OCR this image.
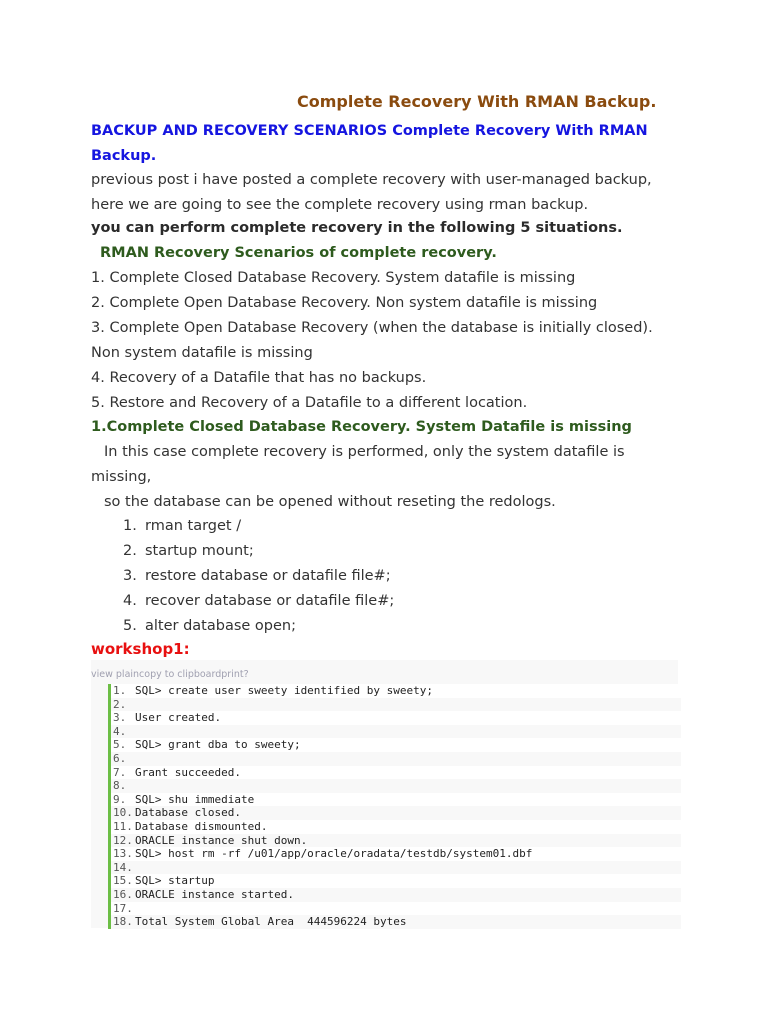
Complete Recovery With RMAN Backup.
BACKUP AND RECOVERY SCENARIOS Complete Recovery With RMAN Backup.
previous post i have posted a complete recovery with user-managed backup, here we are going to see the complete recovery using rman backup.
you can perform complete recovery in the following 5 situations.
RMAN Recovery Scenarios of complete recovery.
1. Complete Closed Database Recovery. System datafile is missing
2. Complete Open Database Recovery. Non system datafile is missing
3. Complete Open Database Recovery (when the database is initially closed).
Non system datafile is missing
4. Recovery of a Datafile that has no backups.
5. Restore and Recovery of a Datafile to a different location.
1.Complete Closed Database Recovery. System Datafile is missing
In this case complete recovery is performed, only the system datafile is missing,
so the database can be opened without reseting the redologs.
1. rman target /
2. startup mount;
3. restore database or datafile file#;
4. recover database or datafile file#;
5. alter database open;
workshop1:
view plaincopy to clipboardprint?
1. SQL> create user sweety identified by sweety;
2.
3. User created.
4.
5. SQL> grant dba to sweety;
6.
7. Grant succeeded.
8.
9. SQL> shu immediate
10. Database closed.
11. Database dismounted.
12. ORACLE instance shut down.
13. SQL> host rm -rf /u01/app/oracle/oradata/testdb/system01.dbf
14.
15. SQL> startup
16. ORACLE instance started.
17.
18. Total System Global Area  444596224 bytes
